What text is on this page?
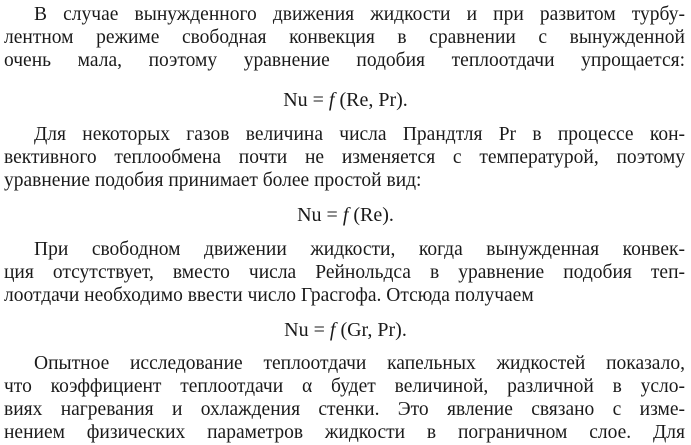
В случае вынужденного движения жидкости и при развитом турбу-
лентном режиме свободная конвекция в сравнении с вынужденной
очень мала, поэтому уравнение подобия теплоотдачи упрощается:
Nu = f (Re, Pr).
Для некоторых газов величина числа Прандтля Pr в процессе кон-
вективного теплообмена почти не изменяется с температурой, поэтому
уравнение подобия принимает более простой вид:
Nu = f (Re).
При свободном движении жидкости, когда вынужденная конвек-
ция отсутствует, вместо числа Рейнольдса в уравнение подобия теп-
лоотдачи необходимо ввести число Грасгофа. Отсюда получаем
Nu = f (Gr, Pr).
Опытное исследование теплоотдачи капельных жидкостей показало,
что коэффициент теплоотдачи α будет величиной, различной в усло-
виях нагревания и охлаждения стенки. Это явление связано с изме-
нением физических параметров жидкости в пограничном слое. Для
